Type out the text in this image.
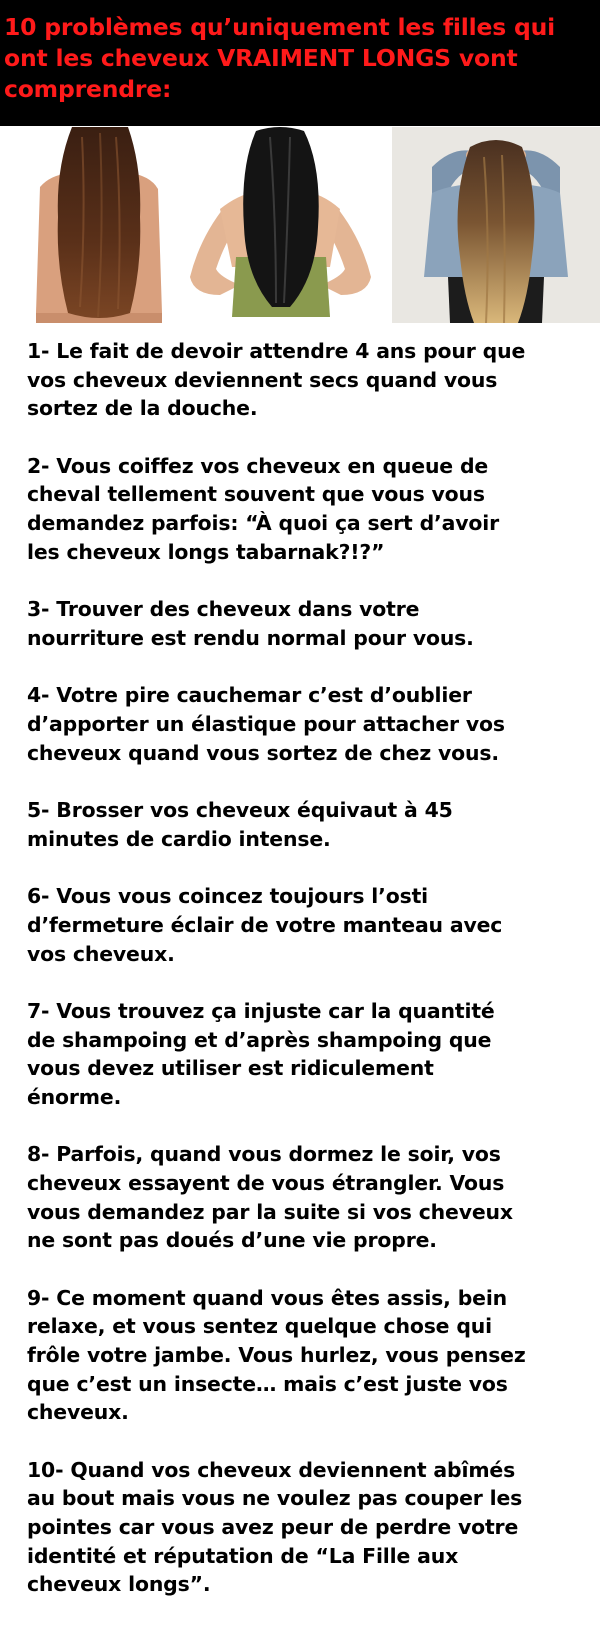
10 problèmes qu’uniquement les filles qui ont les cheveux VRAIMENT LONGS vont comprendre:
1- Le fait de devoir attendre 4 ans pour que
vos cheveux deviennent secs quand vous
sortez de la douche.
2- Vous coiffez vos cheveux en queue de
cheval tellement souvent que vous vous
demandez parfois: “À quoi ça sert d’avoir
les cheveux longs tabarnak?!?”
3- Trouver des cheveux dans votre
nourriture est rendu normal pour vous.
4- Votre pire cauchemar c’est d’oublier
d’apporter un élastique pour attacher vos
cheveux quand vous sortez de chez vous.
5- Brosser vos cheveux équivaut à 45
minutes de cardio intense.
6- Vous vous coincez toujours l’osti
d’fermeture éclair de votre manteau avec
vos cheveux.
7- Vous trouvez ça injuste car la quantité
de shampoing et d’après shampoing que
vous devez utiliser est ridiculement
énorme.
8- Parfois, quand vous dormez le soir, vos
cheveux essayent de vous étrangler. Vous
vous demandez par la suite si vos cheveux
ne sont pas doués d’une vie propre.
9- Ce moment quand vous êtes assis, bein
relaxe, et vous sentez quelque chose qui
frôle votre jambe. Vous hurlez, vous pensez
que c’est un insecte… mais c’est juste vos
cheveux.
10- Quand vos cheveux deviennent abîmés
au bout mais vous ne voulez pas couper les
pointes car vous avez peur de perdre votre
identité et réputation de “La Fille aux
cheveux longs”.
